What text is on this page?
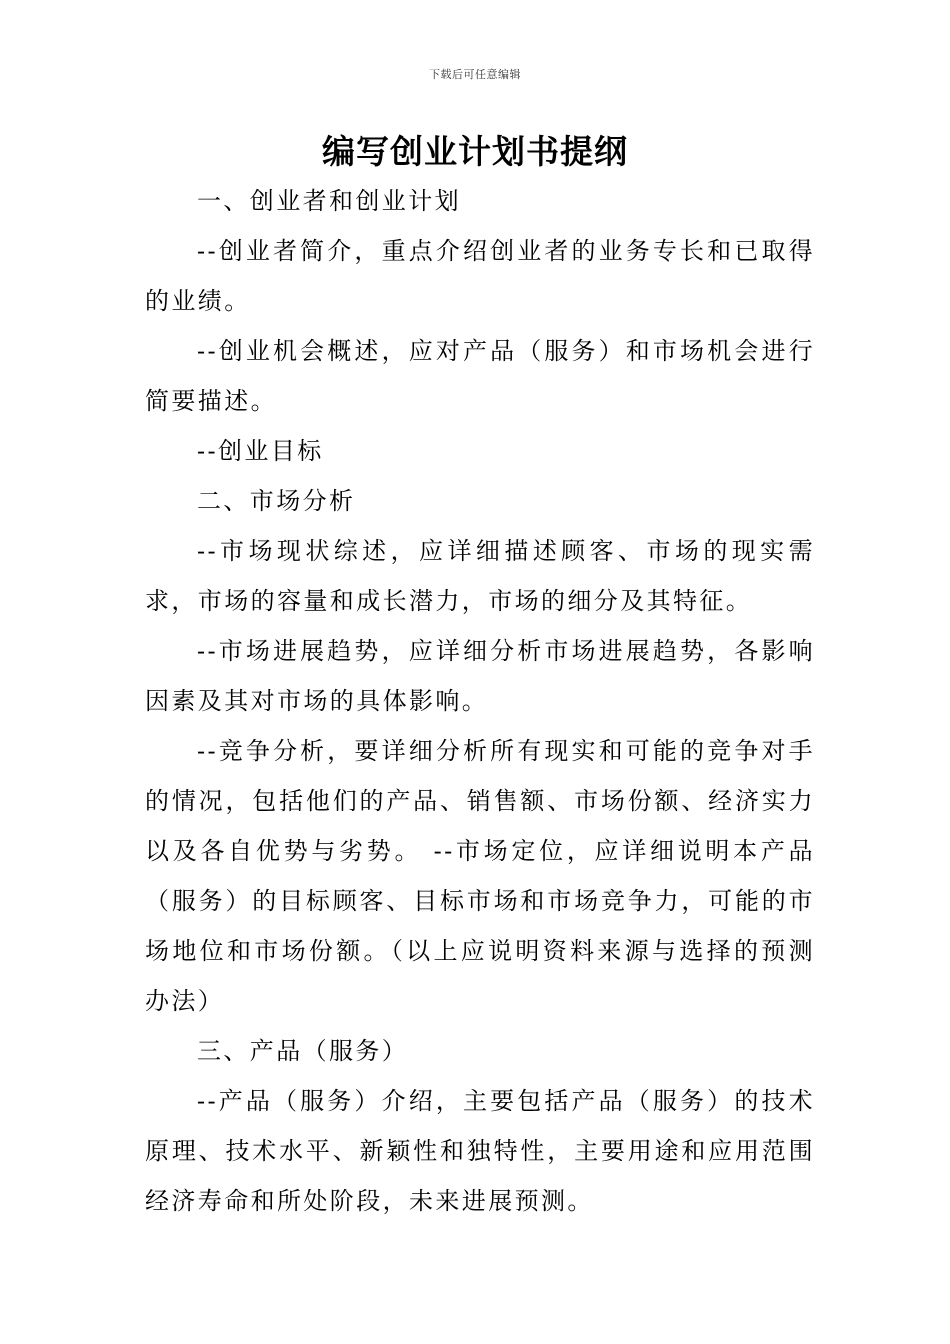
下载后可任意编辑
编写创业计划书提纲

一、创业者和创业计划

--创业者简介，重点介绍创业者的业务专长和已取得的业绩。

--创业机会概述，应对产品（服务）和市场机会进行简要描述。

--创业目标

二、市场分析

--市场现状综述，应详细描述顾客、市场的现实需求，市场的容量和成长潜力，市场的细分及其特征。

--市场进展趋势，应详细分析市场进展趋势，各影响因素及其对市场的具体影响。

--竞争分析，要详细分析所有现实和可能的竞争对手的情况，包括他们的产品、销售额、市场份额、经济实力以及各自优势与劣势。 --市场定位，应详细说明本产品（服务）的目标顾客、目标市场和市场竞争力，可能的市场地位和市场份额。（以上应说明资料来源与选择的预测办法）

三、产品（服务）

--产品（服务）介绍，主要包括产品（服务）的技术原理、技术水平、新颖性和独特性，主要用途和应用范围经济寿命和所处阶段，未来进展预测。
